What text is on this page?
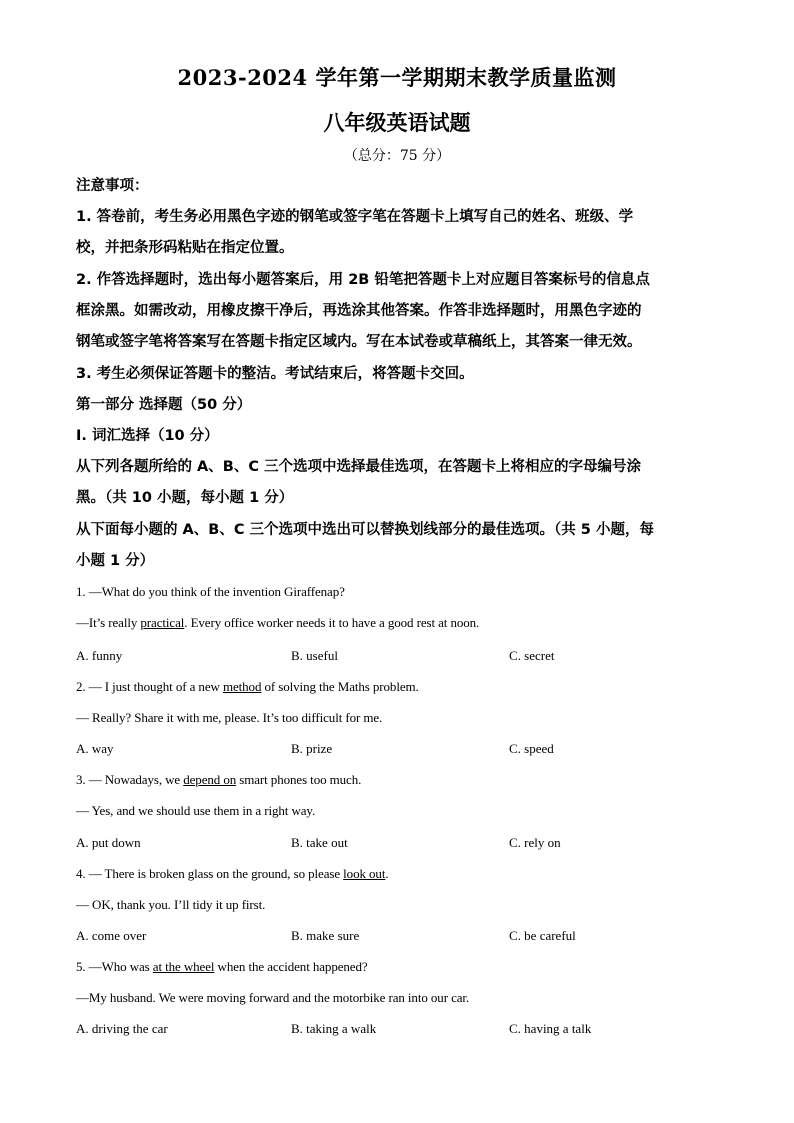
2023-2024 学年第一学期期末教学质量监测
八年级英语试题
（总分：75 分）
注意事项：
1. 答卷前，考生务必用黑色字迹的钢笔或签字笔在答题卡上填写自己的姓名、班级、学
校，并把条形码粘贴在指定位置。
2. 作答选择题时，选出每小题答案后，用 2B 铅笔把答题卡上对应题目答案标号的信息点
框涂黑。如需改动，用橡皮擦干净后，再选涂其他答案。作答非选择题时，用黑色字迹的
钢笔或签字笔将答案写在答题卡指定区域内。写在本试卷或草稿纸上，其答案一律无效。
3. 考生必须保证答题卡的整洁。考试结束后，将答题卡交回。
第一部分 选择题（50 分）
I. 词汇选择（10 分）
从下列各题所给的 A、B、C 三个选项中选择最佳选项，在答题卡上将相应的字母编号涂
黑。（共 10 小题，每小题 1 分）
从下面每小题的 A、B、C 三个选项中选出可以替换划线部分的最佳选项。（共 5 小题，每
小题 1 分）
1. —What do you think of the invention Giraffenap?
—It’s really practical. Every office worker needs it to have a good rest at noon.
A. funny	B. useful	C. secret
2. — I just thought of a new method of solving the Maths problem.
— Really? Share it with me, please. It’s too difficult for me.
A. way	B. prize	C. speed
3. — Nowadays, we depend on smart phones too much.
— Yes, and we should use them in a right way.
A. put down	B. take out	C. rely on
4. — There is broken glass on the ground, so please look out.
— OK, thank you. I’ll tidy it up first.
A. come over	B. make sure	C. be careful
5. —Who was at the wheel when the accident happened?
—My husband. We were moving forward and the motorbike ran into our car.
A. driving the car	B. taking a walk	C. having a talk
